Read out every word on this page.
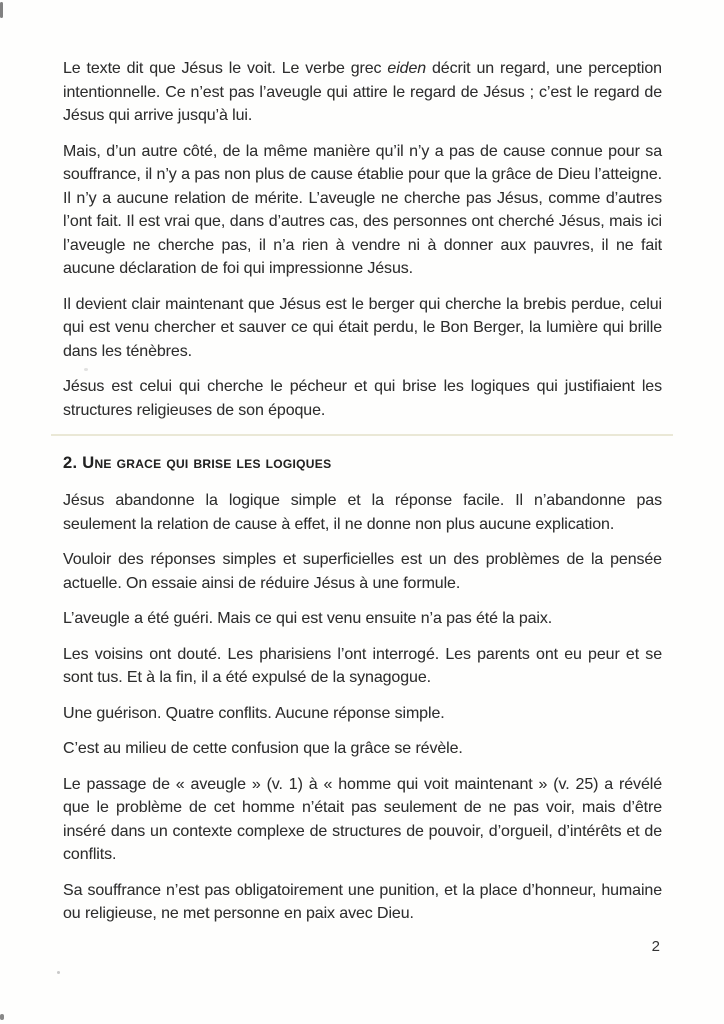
Le texte dit que Jésus le voit. Le verbe grec eiden décrit un regard, une perception intentionnelle. Ce n’est pas l’aveugle qui attire le regard de Jésus ; c’est le regard de Jésus qui arrive jusqu’à lui.

Mais, d’un autre côté, de la même manière qu’il n’y a pas de cause connue pour sa souffrance, il n’y a pas non plus de cause établie pour que la grâce de Dieu l’atteigne. Il n’y a aucune relation de mérite. L’aveugle ne cherche pas Jésus, comme d’autres l’ont fait. Il est vrai que, dans d’autres cas, des personnes ont cherché Jésus, mais ici l’aveugle ne cherche pas, il n’a rien à vendre ni à donner aux pauvres, il ne fait aucune déclaration de foi qui impressionne Jésus.

Il devient clair maintenant que Jésus est le berger qui cherche la brebis perdue, celui qui est venu chercher et sauver ce qui était perdu, le Bon Berger, la lumière qui brille dans les ténèbres.

Jésus est celui qui cherche le pécheur et qui brise les logiques qui justifiaient les structures religieuses de son époque.

2. Une grace qui brise les logiques

Jésus abandonne la logique simple et la réponse facile. Il n’abandonne pas seulement la relation de cause à effet, il ne donne non plus aucune explication.

Vouloir des réponses simples et superficielles est un des problèmes de la pensée actuelle. On essaie ainsi de réduire Jésus à une formule.

L’aveugle a été guéri. Mais ce qui est venu ensuite n’a pas été la paix.

Les voisins ont douté. Les pharisiens l’ont interrogé. Les parents ont eu peur et se sont tus. Et à la fin, il a été expulsé de la synagogue.

Une guérison. Quatre conflits. Aucune réponse simple.

C’est au milieu de cette confusion que la grâce se révèle.

Le passage de « aveugle » (v. 1) à « homme qui voit maintenant » (v. 25) a révélé que le problème de cet homme n’était pas seulement de ne pas voir, mais d’être inséré dans un contexte complexe de structures de pouvoir, d’orgueil, d’intérêts et de conflits.

Sa souffrance n’est pas obligatoirement une punition, et la place d’honneur, humaine ou religieuse, ne met personne en paix avec Dieu.

2
